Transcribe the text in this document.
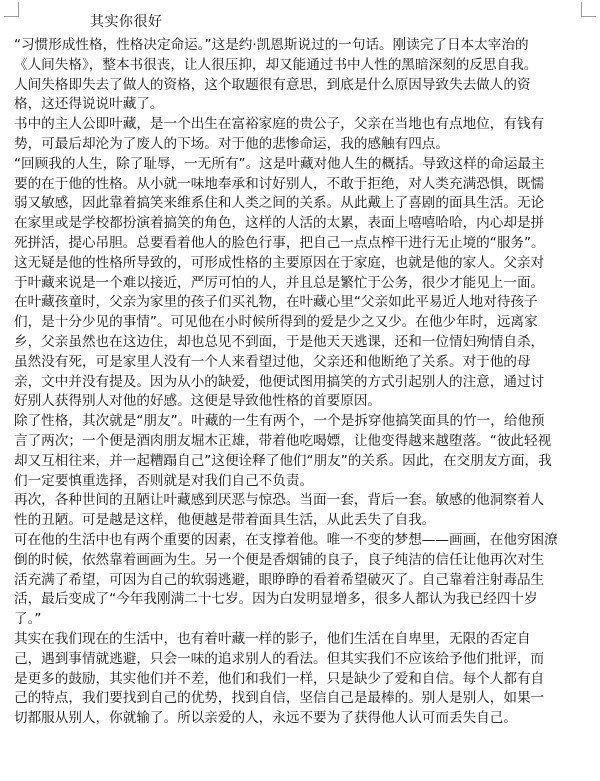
其实你很好
“习惯形成性格，性格决定命运。”这是约·凯恩斯说过的一句话。刚读完了日本太宰治的
《人间失格》，整本书很丧，让人很压抑，却又能通过书中人性的黑暗深刻的反思自我。
人间失格即失去了做人的资格，这个取题很有意思，到底是什么原因导致失去做人的资
格，这还得说说叶藏了。
书中的主人公即叶藏，是一个出生在富裕家庭的贵公子，父亲在当地也有点地位，有钱有
势，可最后却沦为了废人的下场。对于他的悲惨命运，我的感触有四点。
“回顾我的人生，除了耻辱，一无所有”。这是叶藏对他人生的概括。导致这样的命运最主
要的在于他的性格。从小就一味地奉承和讨好别人，不敢于拒绝，对人类充满恐惧，既懦
弱又敏感，因此靠着搞笑来维系住和人类之间的关系。从此戴上了喜剧的面具生活。无论
在家里或是学校都扮演着搞笑的角色，这样的人活的太累，表面上嘻嘻哈哈，内心却是拼
死拼活，提心吊胆。总要看着他人的脸色行事，把自己一点点榨干进行无止境的“服务”。
这无疑是他的性格所导致的，可形成性格的主要原因在于家庭，也就是他的家人。父亲对
于叶藏来说是一个难以接近，严厉可怕的人，并且总是繁忙于公务，很少才能见上一面。
在叶藏孩童时，父亲为家里的孩子们买礼物，在叶藏心里“父亲如此平易近人地对待孩子
们，是十分少见的事情”。可见他在小时候所得到的爱是少之又少。在他少年时，远离家
乡，父亲虽然也在这边住，却也总见不到面，于是他天天逃课，还和一位情妇殉情自杀，
虽然没有死，可是家里人没有一个人来看望过他，父亲还和他断绝了关系。对于他的母
亲，文中并没有提及。因为从小的缺爱，他便试图用搞笑的方式引起别人的注意，通过讨
好别人获得别人对他的好感。这便是导致他性格的首要原因。
除了性格，其次就是“朋友”。叶藏的一生有两个，一个是拆穿他搞笑面具的竹一，给他预
言了两次；一个便是酒肉朋友堀木正雄，带着他吃喝嫖，让他变得越来越堕落。“彼此轻视
却又互相往来，并一起糟蹋自己”这便诠释了他们“朋友”的关系。因此，在交朋友方面，我
们一定要慎重选择，否则就是对我们自己不负责。
再次，各种世间的丑陋让叶藏感到厌恶与惊恐。当面一套，背后一套。敏感的他洞察着人
性的丑陋。可是越是这样，他便越是带着面具生活，从此丢失了自我。
可在他的生活中也有两个重要的因素，在支撑着他。唯一不变的梦想——画画，在他穷困潦
倒的时候，依然靠着画画为生。另一个便是香烟铺的良子，良子纯洁的信任让他再次对生
活充满了希望，可因为自己的软弱逃避，眼睁睁的看着希望破灭了。自己靠着注射毒品生
活，最后变成了“今年我刚满二十七岁。因为白发明显增多，很多人都认为我已经四十岁
了。”
其实在我们现在的生活中，也有着叶藏一样的影子，他们生活在自卑里，无限的否定自
己，遇到事情就逃避，只会一味的追求别人的看法。但其实我们不应该给予他们批评，而
是更多的鼓励，其实他们并不差，他们和我们一样，只是缺少了爱和自信。每个人都有自
己的特点，我们要找到自己的优势，找到自信，坚信自己是最棒的。别人是别人，如果一
切都服从别人，你就输了。所以亲爱的人，永远不要为了获得他人认可而丢失自己。
